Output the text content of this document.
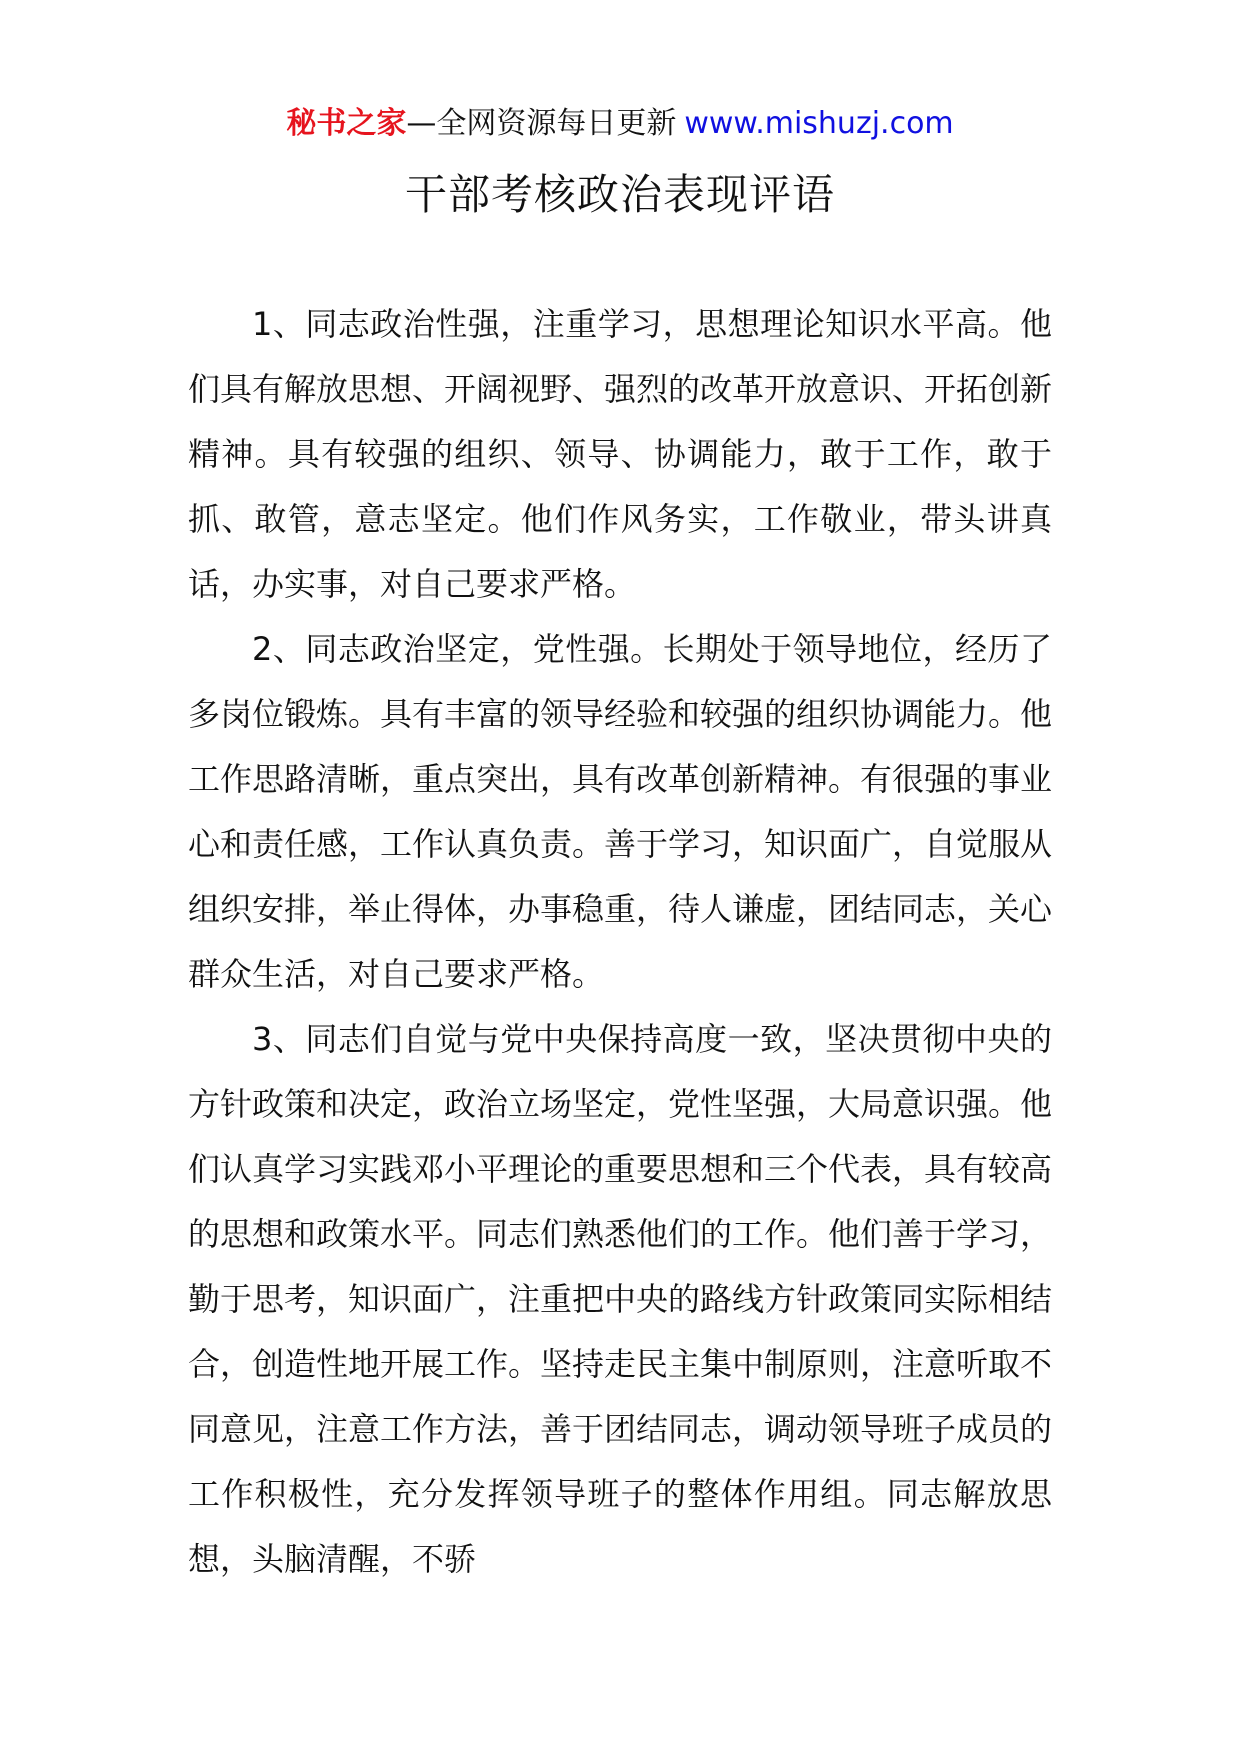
秘书之家—全网资源每日更新 www.mishuzj.com
干部考核政治表现评语

1、同志政治性强，注重学习，思想理论知识水平高。他们具有解放思想、开阔视野、强烈的改革开放意识、开拓创新精神。具有较强的组织、领导、协调能力，敢于工作，敢于抓、敢管，意志坚定。他们作风务实，工作敬业，带头讲真话，办实事，对自己要求严格。

2、同志政治坚定，党性强。长期处于领导地位，经历了多岗位锻炼。具有丰富的领导经验和较强的组织协调能力。他工作思路清晰，重点突出，具有改革创新精神。有很强的事业心和责任感，工作认真负责。善于学习，知识面广，自觉服从组织安排，举止得体，办事稳重，待人谦虚，团结同志，关心群众生活，对自己要求严格。

3、同志们自觉与党中央保持高度一致，坚决贯彻中央的方针政策和决定，政治立场坚定，党性坚强，大局意识强。他们认真学习实践邓小平理论的重要思想和三个代表，具有较高的思想和政策水平。同志们熟悉他们的工作。他们善于学习，勤于思考，知识面广，注重把中央的路线方针政策同实际相结合，创造性地开展工作。坚持走民主集中制原则，注意听取不同意见，注意工作方法，善于团结同志，调动领导班子成员的工作积极性，充分发挥领导班子的整体作用组。同志解放思想，头脑清醒，不骄
